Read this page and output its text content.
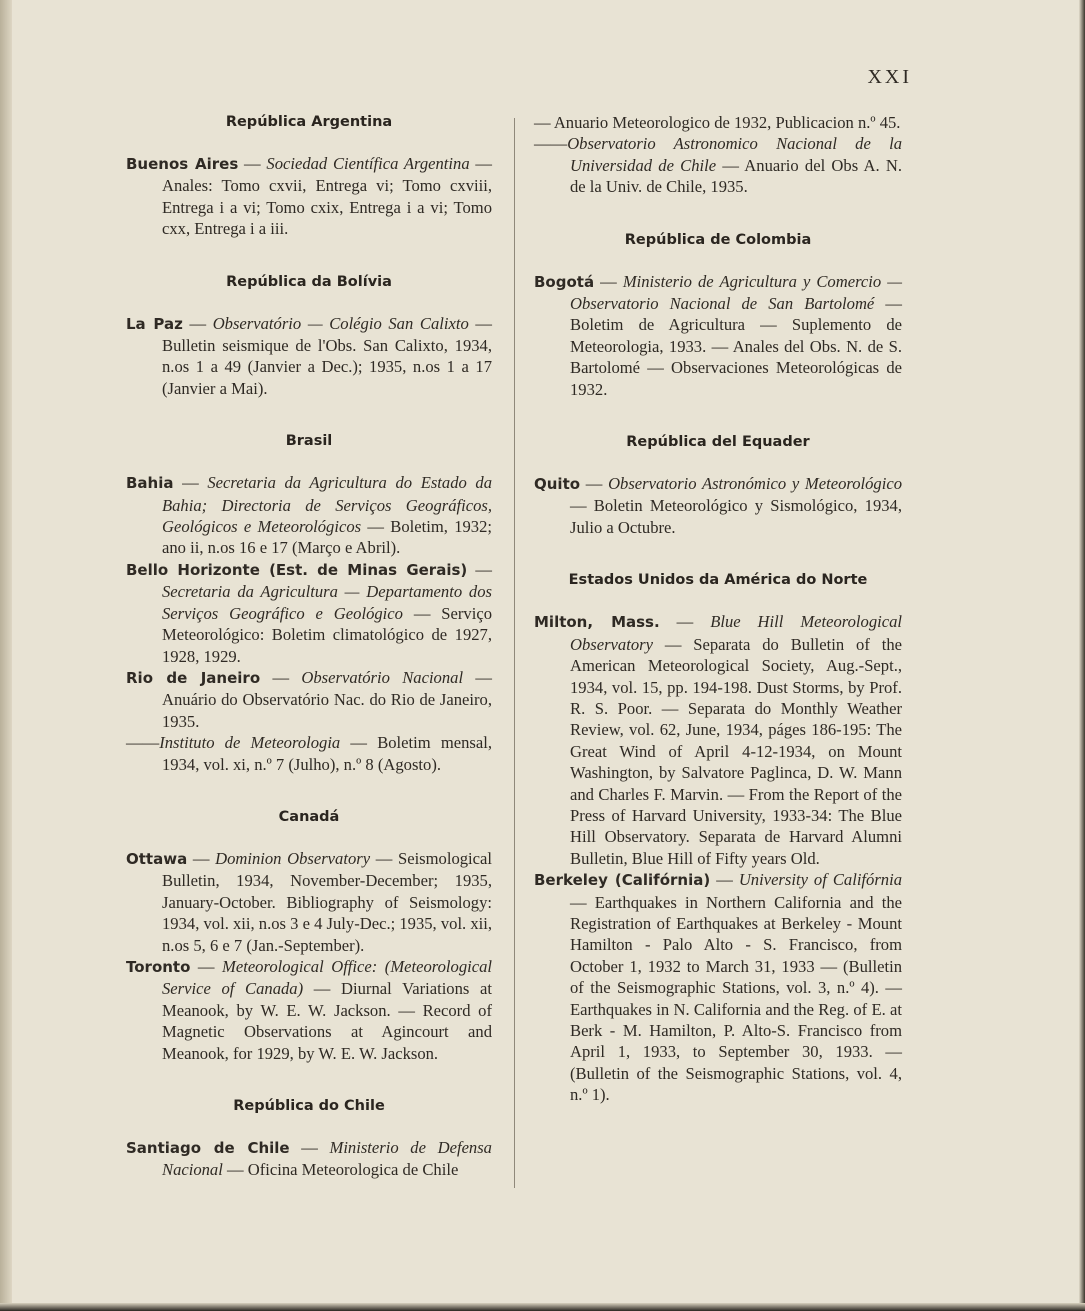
XXI
República Argentina

Buenos Aires — Sociedad Científica Argentina — Anales: Tomo cxvii, Entrega vi; Tomo cxviii, Entrega i a vi; Tomo cxix, Entrega i a vi; Tomo cxx, Entrega i a iii.

República da Bolívia

La Paz — Observatório — Colégio San Calixto — Bulletin seismique de l'Obs. San Calixto, 1934, n.os 1 a 49 (Janvier a Dec.); 1935, n.os 1 a 17 (Janvier a Mai).

Brasil

Bahia — Secretaria da Agricultura do Estado da Bahia; Directoria de Serviços Geográficos, Geológicos e Meteorológicos — Boletim, 1932; ano ii, n.os 16 e 17 (Março e Abril).

Bello Horizonte (Est. de Minas Gerais) — Secretaria da Agricultura — Departamento dos Serviços Geográfico e Geológico — Serviço Meteorológico: Boletim climatológico de 1927, 1928, 1929.

Rio de Janeiro — Observatório Nacional — Anuário do Observatório Nac. do Rio de Janeiro, 1935.

——Instituto de Meteorologia — Boletim mensal, 1934, vol. xi, n.º 7 (Julho), n.º 8 (Agosto).

Canadá

Ottawa — Dominion Observatory — Seismological Bulletin, 1934, November-December; 1935, January-October. Bibliography of Seismology: 1934, vol. xii, n.os 3 e 4 July-Dec.; 1935, vol. xii, n.os 5, 6 e 7 (Jan.-September).

Toronto — Meteorological Office: (Meteorological Service of Canada) — Diurnal Variations at Meanook, by W. E. W. Jackson. — Record of Magnetic Observations at Agincourt and Meanook, for 1929, by W. E. W. Jackson.

República do Chile

Santiago de Chile — Ministerio de Defensa Nacional — Oficina Meteorologica de Chile

— Anuario Meteorologico de 1932, Publicacion n.º 45.

——Observatorio Astronomico Nacional de la Universidad de Chile — Anuario del Obs A. N. de la Univ. de Chile, 1935.

República de Colombia

Bogotá — Ministerio de Agricultura y Comercio — Observatorio Nacional de San Bartolomé — Boletim de Agricultura — Suplemento de Meteorologia, 1933. — Anales del Obs. N. de S. Bartolomé — Observaciones Meteorológicas de 1932.

República del Equader

Quito — Observatorio Astronómico y Meteorológico — Boletin Meteorológico y Sismológico, 1934, Julio a Octubre.

Estados Unidos da América do Norte

Milton, Mass. — Blue Hill Meteorological Observatory — Separata do Bulletin of the American Meteorological Society, Aug.-Sept., 1934, vol. 15, pp. 194-198. Dust Storms, by Prof. R. S. Poor. — Separata do Monthly Weather Review, vol. 62, June, 1934, páges 186-195: The Great Wind of April 4-12-1934, on Mount Washington, by Salvatore Paglinca, D. W. Mann and Charles F. Marvin. — From the Report of the Press of Harvard University, 1933-34: The Blue Hill Observatory. Separata de Harvard Alumni Bulletin, Blue Hill of Fifty years Old.

Berkeley (Califórnia) — University of Califórnia — Earthquakes in Northern California and the Registration of Earthquakes at Berkeley - Mount Hamilton - Palo Alto - S. Francisco, from October 1, 1932 to March 31, 1933 — (Bulletin of the Seismographic Stations, vol. 3, n.º 4). — Earthquakes in N. California and the Reg. of E. at Berk - M. Hamilton, P. Alto-S. Francisco from April 1, 1933, to September 30, 1933. — (Bulletin of the Seismographic Stations, vol. 4, n.º 1).
